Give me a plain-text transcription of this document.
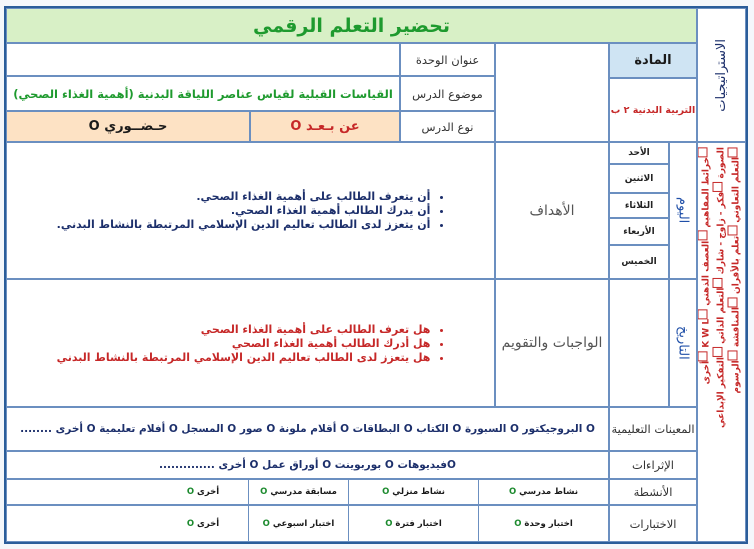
تحضير التعلم الرقمي
الاستراتيجيات
التعلم التعاوني تعلم بالأقران المناقشة الرسوم
الصورة فكر - زاوج - شارك التعلم الذاتي التفكير الإبداعي
خرائط المفاهيم العصف الذهني K W L أخرى
المادة
التربية البدنية ٢ ب
عنوان الوحدة
موضوع الدرس
نوع الدرس
القياسات القبلية لقياس عناصر اللياقة البدنية (أهمية الغذاء الصحي)
عن بـعـد

O
حـضــوري

O
اليوم
التاريخ
الأحد
الاثنين
الثلاثاء
الأربعاء
الخميس
الأهداف
• أن يتعرف الطالب على أهمية الغذاء الصحي.
• أن يدرك الطالب أهمية الغذاء الصحي.
• أن يتعزز لدى الطالب تعاليم الدين الإسلامي المرتبطة بالنشاط البدني.
الواجبات والتقويم
• هل تعرف الطالب على أهمية الغذاء الصحي
• هل أدرك الطالب أهمية الغذاء الصحي
• هل يتعزز لدى الطالب تعاليم الدين الإسلامي المرتبطة بالنشاط البدني
المعينات التعليمية
الإثراءات
الأنشطة
الاختبارات
O البروجيكتور O السبورة O الكتاب O البطاقات O أقلام ملونة O صور O المسجل O أفلام تعليمية O أخرى ........
Oفيديوهات O بوربوينت O أوراق عمل O أخرى ..............
نشاط مدرسي

O
نشاط منزلي

O
مسابقة مدرسي

O
أخرى

O
اختبار وحدة

O
اختبار فترة

O
اختبار اسبوعي

O
أخرى

O
